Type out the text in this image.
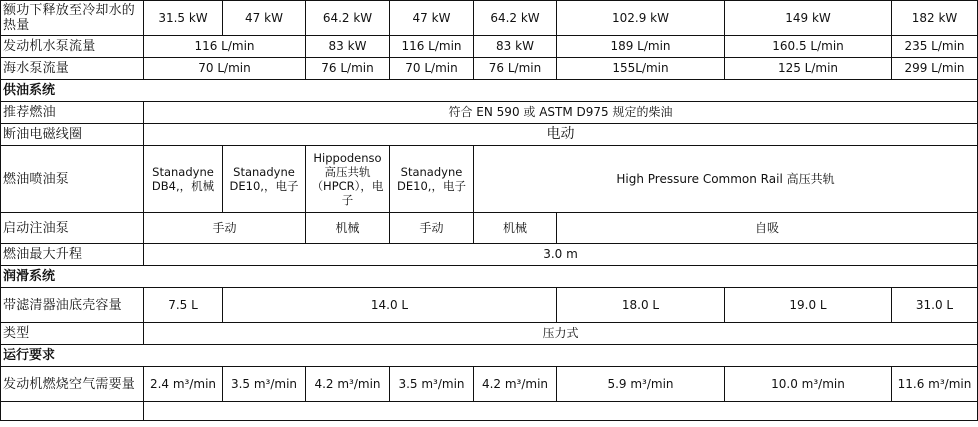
额功下释放至冷却水的热量	31.5 kW	47 kW	64.2 kW	47 kW	64.2 kW	102.9 kW	149 kW	182 kW	
发动机水泵流量	116 L/min		83 kW	116 L/min	83 kW	189 L/min	160.5 L/min	235 L/min	
海水泵流量	70 L/min		76 L/min	70 L/min	76 L/min	155L/min	125 L/min	299 L/min	
供油系统									
推荐燃油	符合 EN 590 或 ASTM D975 规定的柴油								
断油电磁线圈	电动								
燃油喷油泵	Stanadyne DB4,，机械	Stanadyne DE10,，电子	Hippodenso 高压共轨（HPCR），电子	Stanadyne DE10,，电子	High Pressure Common Rail 高压共轨				
启动注油泵	手动		机械	手动	机械	自吸	
燃油最大升程	3.0 m								
润滑系统									
带滤清器油底壳容量	7.5 L	14.0 L				18.0 L	19.0 L	31.0 L	
类型	压力式								
运行要求									
发动机燃烧空气需要量	2.4 m³/min	3.5 m³/min	4.2 m³/min	3.5 m³/min	4.2 m³/min	5.9 m³/min	10.0 m³/min	11.6 m³/min	
